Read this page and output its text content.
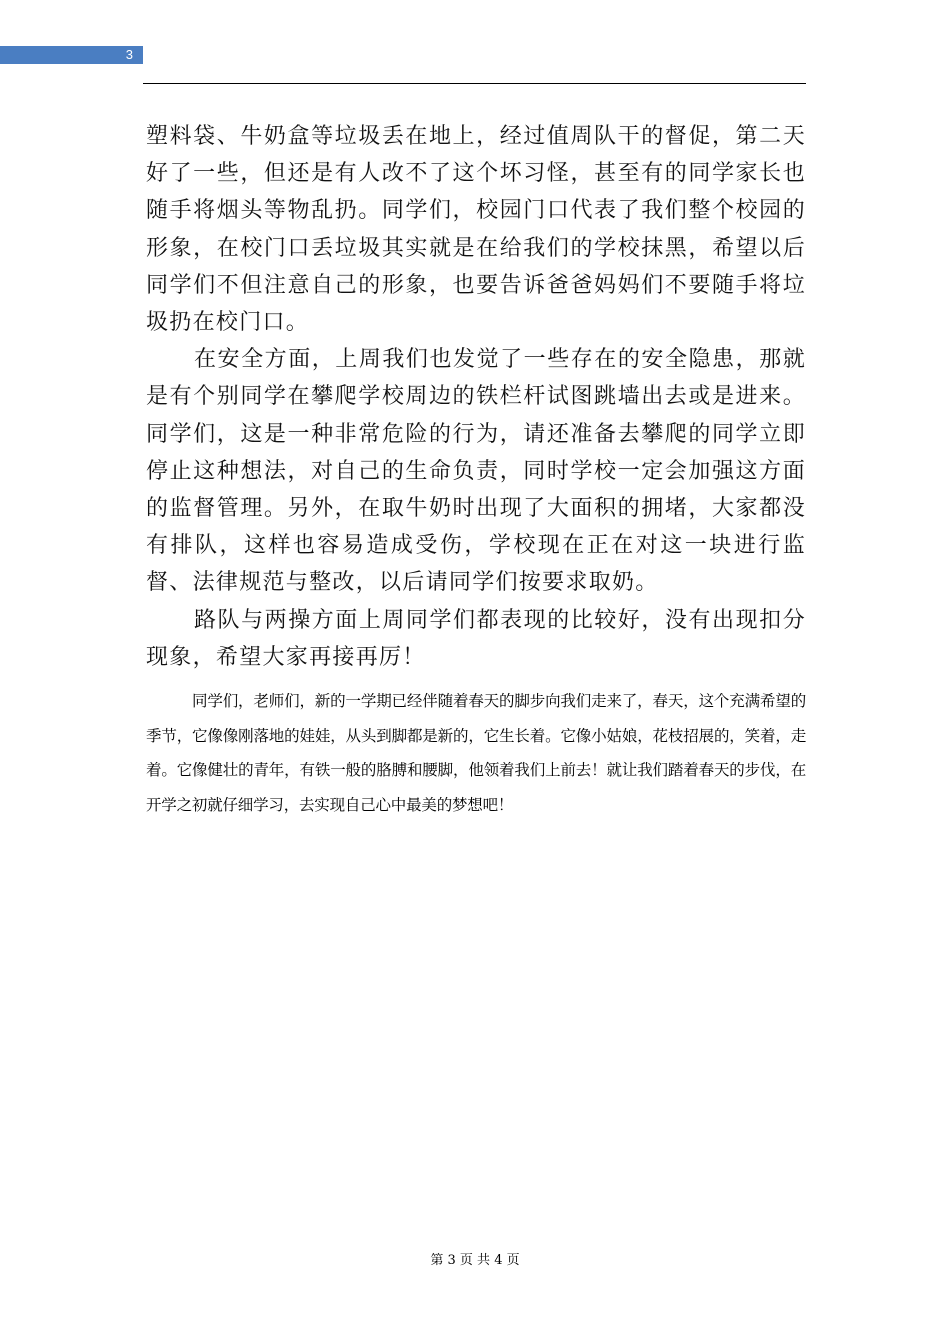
3

塑料袋、牛奶盒等垃圾丢在地上，经过值周队干的督促，第二天好了一些，但还是有人改不了这个坏习怪，甚至有的同学家长也随手将烟头等物乱扔。同学们，校园门口代表了我们整个校园的形象，在校门口丢垃圾其实就是在给我们的学校抹黑，希望以后同学们不但注意自己的形象，也要告诉爸爸妈妈们不要随手将垃圾扔在校门口。

在安全方面，上周我们也发觉了一些存在的安全隐患，那就是有个别同学在攀爬学校周边的铁栏杆试图跳墙出去或是进来。同学们，这是一种非常危险的行为，请还准备去攀爬的同学立即停止这种想法，对自己的生命负责，同时学校一定会加强这方面的监督管理。另外，在取牛奶时出现了大面积的拥堵，大家都没有排队，这样也容易造成受伤，学校现在正在对这一块进行监督、法律规范与整改，以后请同学们按要求取奶。

路队与两操方面上周同学们都表现的比较好，没有出现扣分现象，希望大家再接再厉！

同学们，老师们，新的一学期已经伴随着春天的脚步向我们走来了，春天，这个充满希望的季节，它像像刚落地的娃娃，从头到脚都是新的，它生长着。它像小姑娘，花枝招展的，笑着，走着。它像健壮的青年，有铁一般的胳膊和腰脚，他领着我们上前去！就让我们踏着春天的步伐，在开学之初就仔细学习，去实现自己心中最美的梦想吧！

第 3 页 共 4 页
